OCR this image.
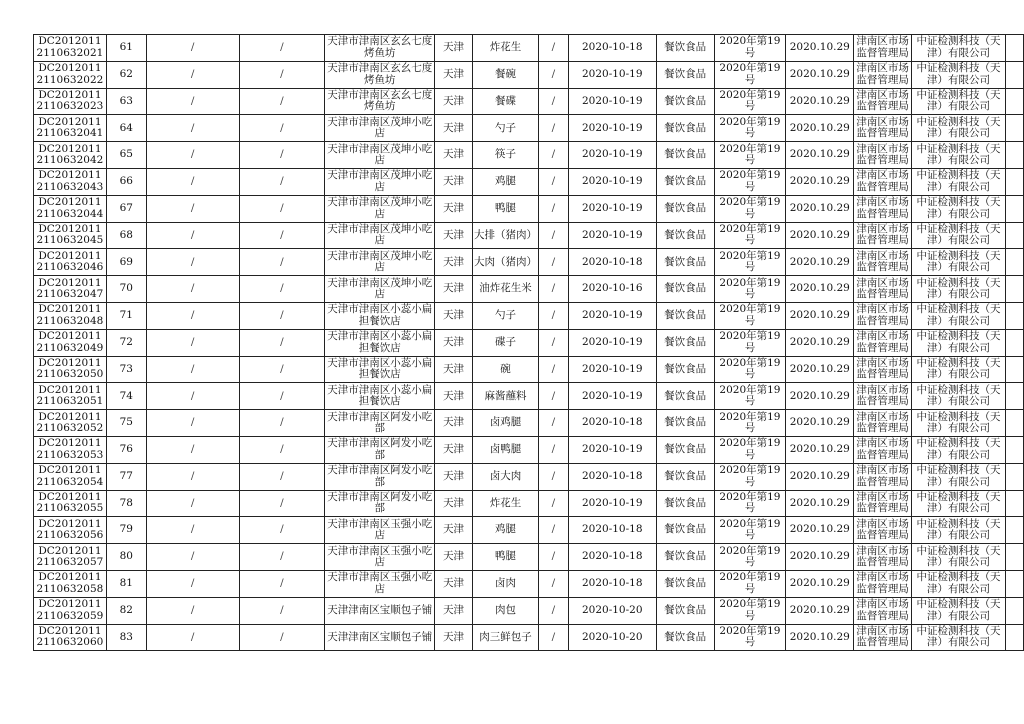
DC20120112110632021	61	/	/	天津市津南区玄幺七度烤鱼坊	天津	炸花生	/	2020-10-18	餐饮食品	2020年第19号	2020.10.29	津南区市场监督管理局	中证检测科技（天津）有限公司	
DC20120112110632022	62	/	/	天津市津南区玄幺七度烤鱼坊	天津	餐碗	/	2020-10-19	餐饮食品	2020年第19号	2020.10.29	津南区市场监督管理局	中证检测科技（天津）有限公司	
DC20120112110632023	63	/	/	天津市津南区玄幺七度烤鱼坊	天津	餐碟	/	2020-10-19	餐饮食品	2020年第19号	2020.10.29	津南区市场监督管理局	中证检测科技（天津）有限公司	
DC20120112110632041	64	/	/	天津市津南区茂坤小吃店	天津	勺子	/	2020-10-19	餐饮食品	2020年第19号	2020.10.29	津南区市场监督管理局	中证检测科技（天津）有限公司	
DC20120112110632042	65	/	/	天津市津南区茂坤小吃店	天津	筷子	/	2020-10-19	餐饮食品	2020年第19号	2020.10.29	津南区市场监督管理局	中证检测科技（天津）有限公司	
DC20120112110632043	66	/	/	天津市津南区茂坤小吃店	天津	鸡腿	/	2020-10-19	餐饮食品	2020年第19号	2020.10.29	津南区市场监督管理局	中证检测科技（天津）有限公司	
DC20120112110632044	67	/	/	天津市津南区茂坤小吃店	天津	鸭腿	/	2020-10-19	餐饮食品	2020年第19号	2020.10.29	津南区市场监督管理局	中证检测科技（天津）有限公司	
DC20120112110632045	68	/	/	天津市津南区茂坤小吃店	天津	大排（猪肉）	/	2020-10-19	餐饮食品	2020年第19号	2020.10.29	津南区市场监督管理局	中证检测科技（天津）有限公司	
DC20120112110632046	69	/	/	天津市津南区茂坤小吃店	天津	大肉（猪肉）	/	2020-10-18	餐饮食品	2020年第19号	2020.10.29	津南区市场监督管理局	中证检测科技（天津）有限公司	
DC20120112110632047	70	/	/	天津市津南区茂坤小吃店	天津	油炸花生米	/	2020-10-16	餐饮食品	2020年第19号	2020.10.29	津南区市场监督管理局	中证检测科技（天津）有限公司	
DC20120112110632048	71	/	/	天津市津南区小蕊小扁担餐饮店	天津	勺子	/	2020-10-19	餐饮食品	2020年第19号	2020.10.29	津南区市场监督管理局	中证检测科技（天津）有限公司	
DC20120112110632049	72	/	/	天津市津南区小蕊小扁担餐饮店	天津	碟子	/	2020-10-19	餐饮食品	2020年第19号	2020.10.29	津南区市场监督管理局	中证检测科技（天津）有限公司	
DC20120112110632050	73	/	/	天津市津南区小蕊小扁担餐饮店	天津	碗	/	2020-10-19	餐饮食品	2020年第19号	2020.10.29	津南区市场监督管理局	中证检测科技（天津）有限公司	
DC20120112110632051	74	/	/	天津市津南区小蕊小扁担餐饮店	天津	麻酱蘸料	/	2020-10-19	餐饮食品	2020年第19号	2020.10.29	津南区市场监督管理局	中证检测科技（天津）有限公司	
DC20120112110632052	75	/	/	天津市津南区阿发小吃部	天津	卤鸡腿	/	2020-10-18	餐饮食品	2020年第19号	2020.10.29	津南区市场监督管理局	中证检测科技（天津）有限公司	
DC20120112110632053	76	/	/	天津市津南区阿发小吃部	天津	卤鸭腿	/	2020-10-19	餐饮食品	2020年第19号	2020.10.29	津南区市场监督管理局	中证检测科技（天津）有限公司	
DC20120112110632054	77	/	/	天津市津南区阿发小吃部	天津	卤大肉	/	2020-10-18	餐饮食品	2020年第19号	2020.10.29	津南区市场监督管理局	中证检测科技（天津）有限公司	
DC20120112110632055	78	/	/	天津市津南区阿发小吃部	天津	炸花生	/	2020-10-19	餐饮食品	2020年第19号	2020.10.29	津南区市场监督管理局	中证检测科技（天津）有限公司	
DC20120112110632056	79	/	/	天津市津南区玉强小吃店	天津	鸡腿	/	2020-10-18	餐饮食品	2020年第19号	2020.10.29	津南区市场监督管理局	中证检测科技（天津）有限公司	
DC20120112110632057	80	/	/	天津市津南区玉强小吃店	天津	鸭腿	/	2020-10-18	餐饮食品	2020年第19号	2020.10.29	津南区市场监督管理局	中证检测科技（天津）有限公司	
DC20120112110632058	81	/	/	天津市津南区玉强小吃店	天津	卤肉	/	2020-10-18	餐饮食品	2020年第19号	2020.10.29	津南区市场监督管理局	中证检测科技（天津）有限公司	
DC20120112110632059	82	/	/	天津津南区宝顺包子铺	天津	肉包	/	2020-10-20	餐饮食品	2020年第19号	2020.10.29	津南区市场监督管理局	中证检测科技（天津）有限公司	
DC20120112110632060	83	/	/	天津津南区宝顺包子铺	天津	肉三鲜包子	/	2020-10-20	餐饮食品	2020年第19号	2020.10.29	津南区市场监督管理局	中证检测科技（天津）有限公司	
